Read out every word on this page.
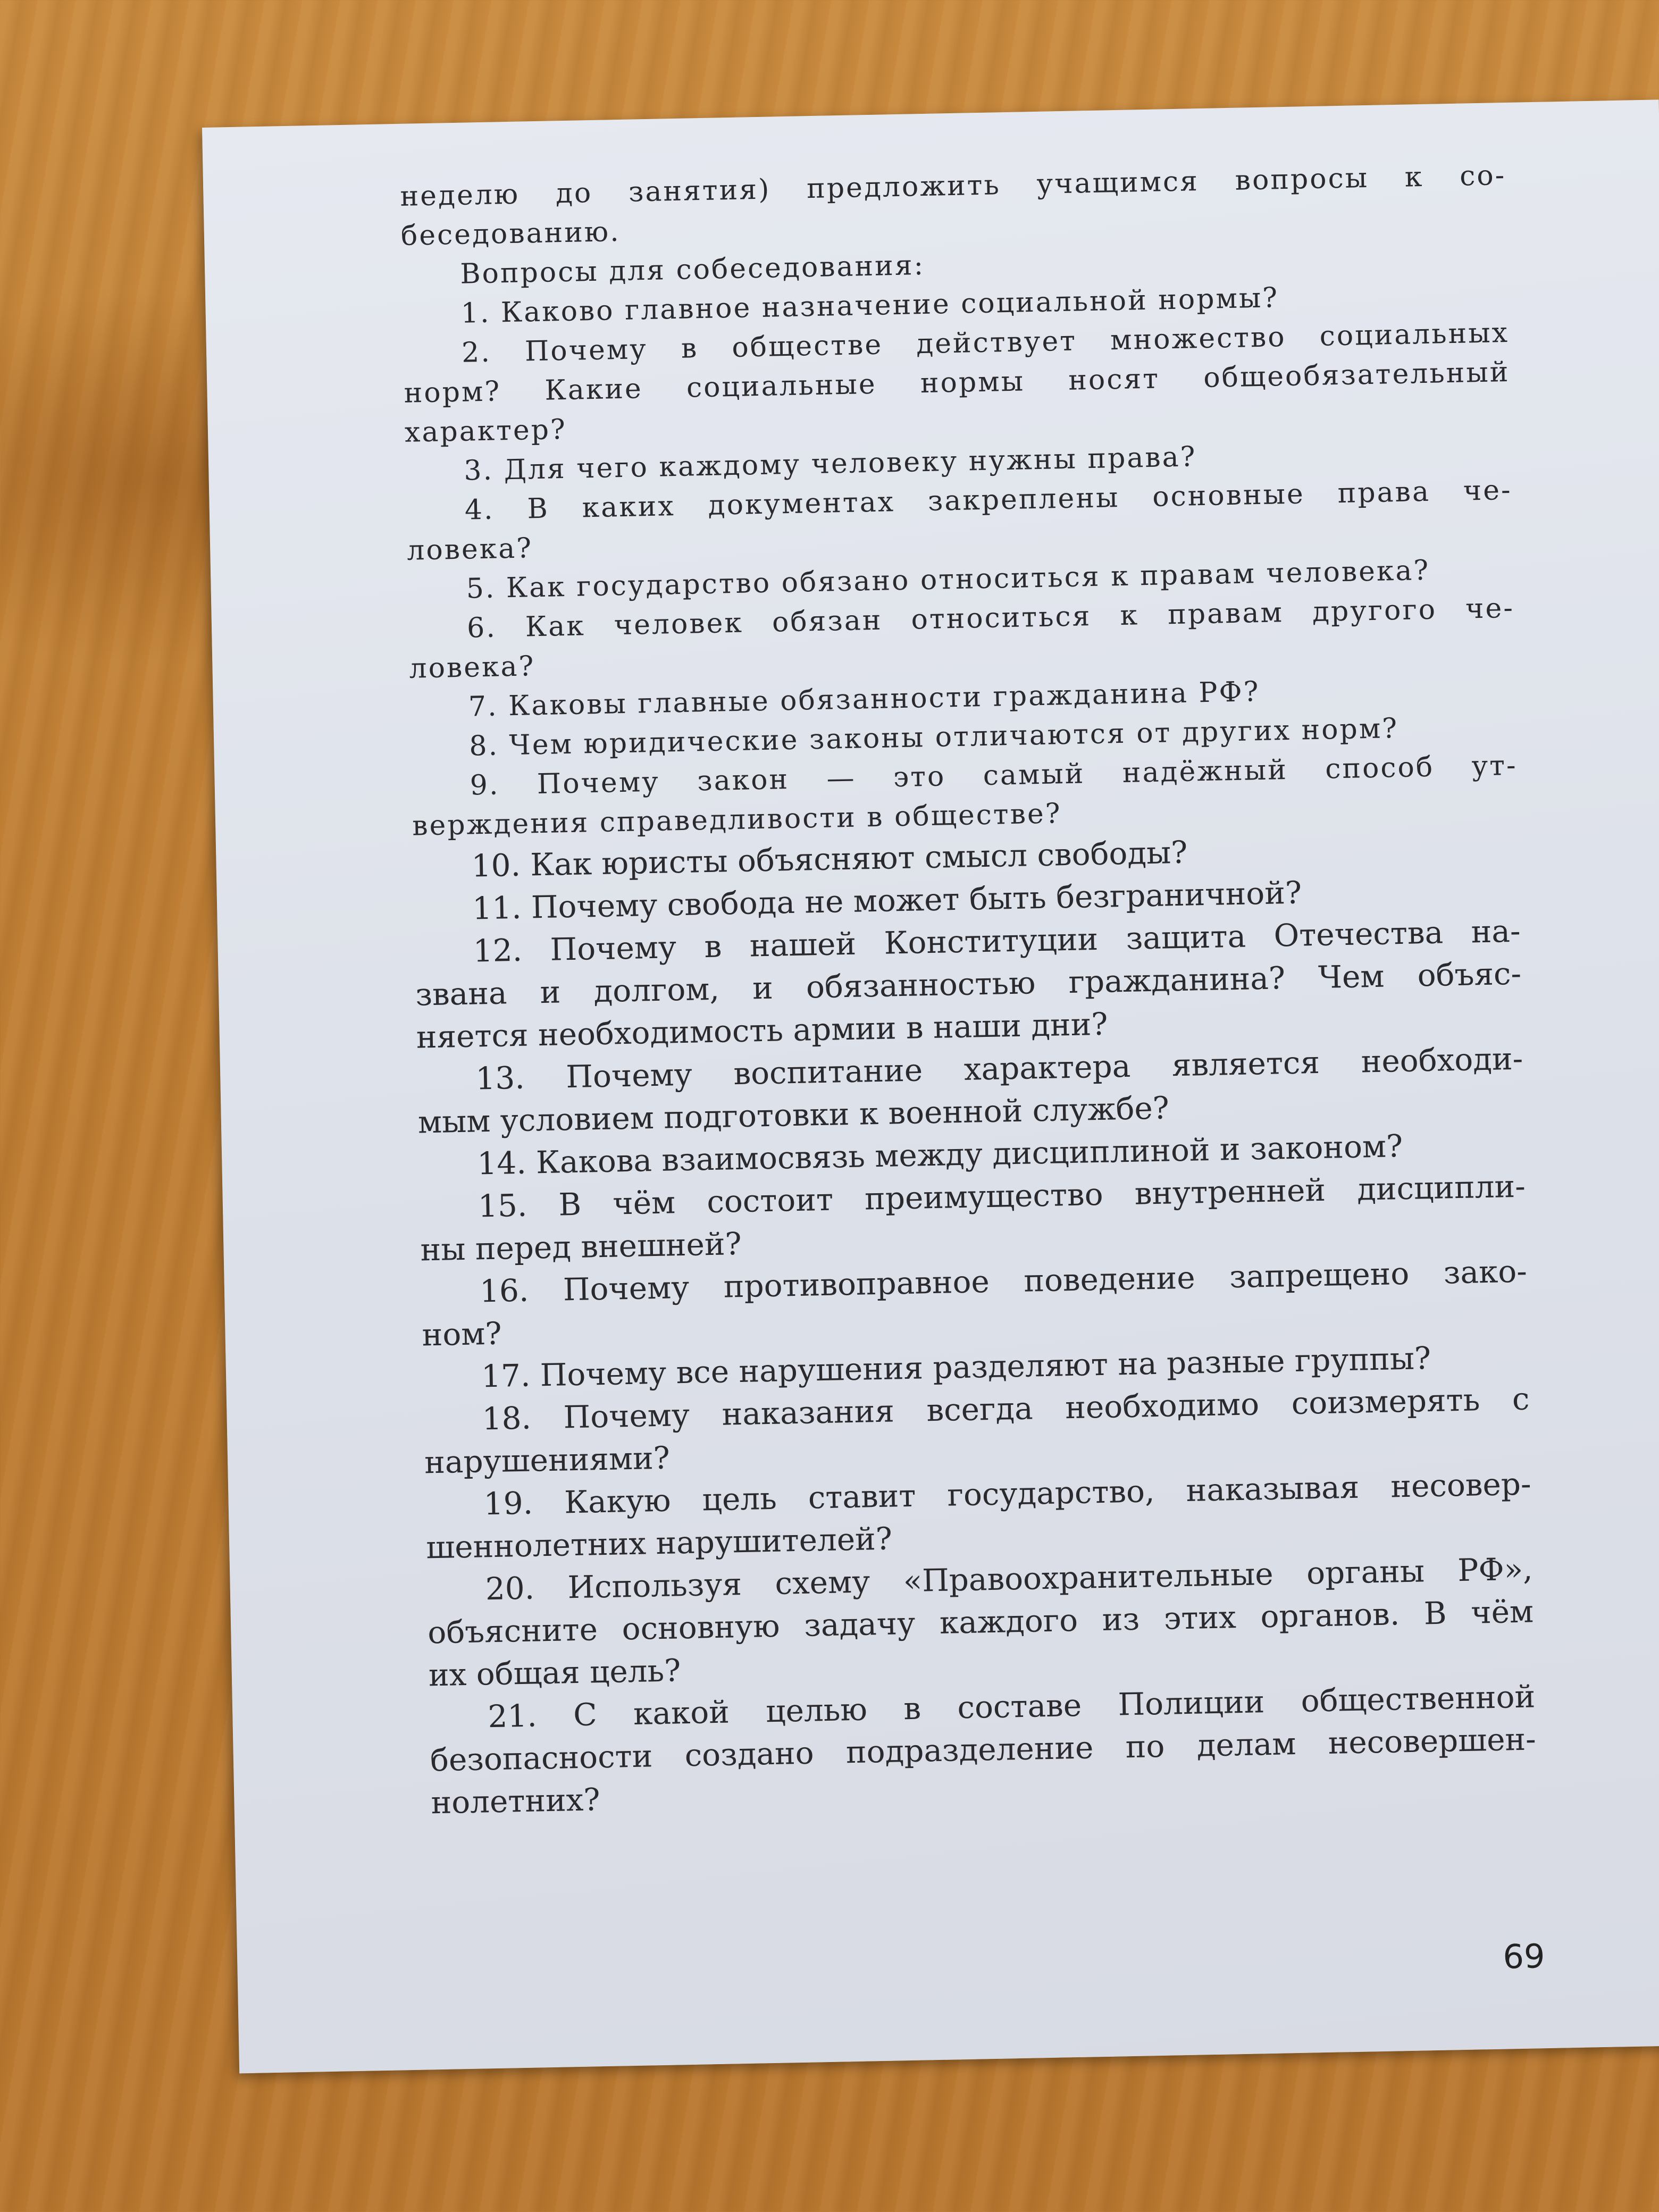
неделю до занятия) предложить учащимся вопросы к со-

беседованию.

Вопросы для собеседования:

1. Каково главное назначение социальной нормы?

2. Почему в обществе действует множество социальных

норм? Какие социальные нормы носят общеобязательный

характер?

3. Для чего каждому человеку нужны права?

4. В каких документах закреплены основные права че-

ловека?

5. Как государство обязано относиться к правам человека?

6. Как человек обязан относиться к правам другого че-

ловека?

7. Каковы главные обязанности гражданина РФ?

8. Чем юридические законы отличаются от других норм?

9. Почему закон — это самый надёжный способ ут-

верждения справедливости в обществе?

10. Как юристы объясняют смысл свободы?

11. Почему свобода не может быть безграничной?

12. Почему в нашей Конституции защита Отечества на-

звана и долгом, и обязанностью гражданина? Чем объяс-

няется необходимость армии в наши дни?

13. Почему воспитание характера является необходи-

мым условием подготовки к военной службе?

14. Какова взаимосвязь между дисциплиной и законом?

15. В чём состоит преимущество внутренней дисципли-

ны перед внешней?

16. Почему противоправное поведение запрещено зако-

ном?

17. Почему все нарушения разделяют на разные группы?

18. Почему наказания всегда необходимо соизмерять с

нарушениями?

19. Какую цель ставит государство, наказывая несовер-

шеннолетних нарушителей?

20. Используя схему «Правоохранительные органы РФ»,

объясните основную задачу каждого из этих органов. В чём

их общая цель?

21. С какой целью в составе Полиции общественной

безопасности создано подразделение по делам несовершен-

нолетних?

69
